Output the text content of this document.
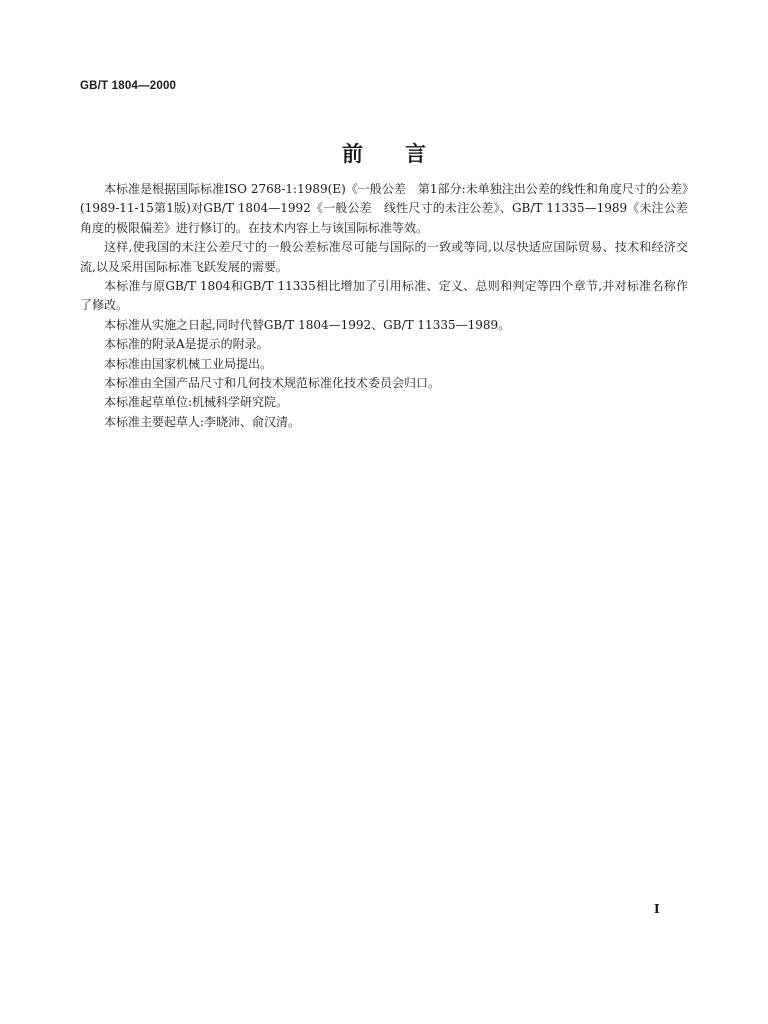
GB/T 1804—2000
前言

本标准是根据国际标准ISO 2768-1:1989(E)《一般公差　第1部分:未单独注出公差的线性和角度尺寸的公差》(1989-11-15第1版)对GB/T 1804—1992《一般公差　线性尺寸的未注公差》、GB/T 11335—1989《未注公差角度的极限偏差》进行修订的。在技术内容上与该国际标准等效。

这样,使我国的未注公差尺寸的一般公差标准尽可能与国际的一致或等同,以尽快适应国际贸易、技术和经济交流,以及采用国际标准飞跃发展的需要。

本标准与原GB/T 1804和GB/T 11335相比增加了引用标准、定义、总则和判定等四个章节,并对标准名称作了修改。

本标准从实施之日起,同时代替GB/T 1804—1992、GB/T 11335—1989。

本标准的附录A是提示的附录。

本标准由国家机械工业局提出。

本标准由全国产品尺寸和几何技术规范标准化技术委员会归口。

本标准起草单位:机械科学研究院。

本标准主要起草人:李晓沛、俞汉清。

I
